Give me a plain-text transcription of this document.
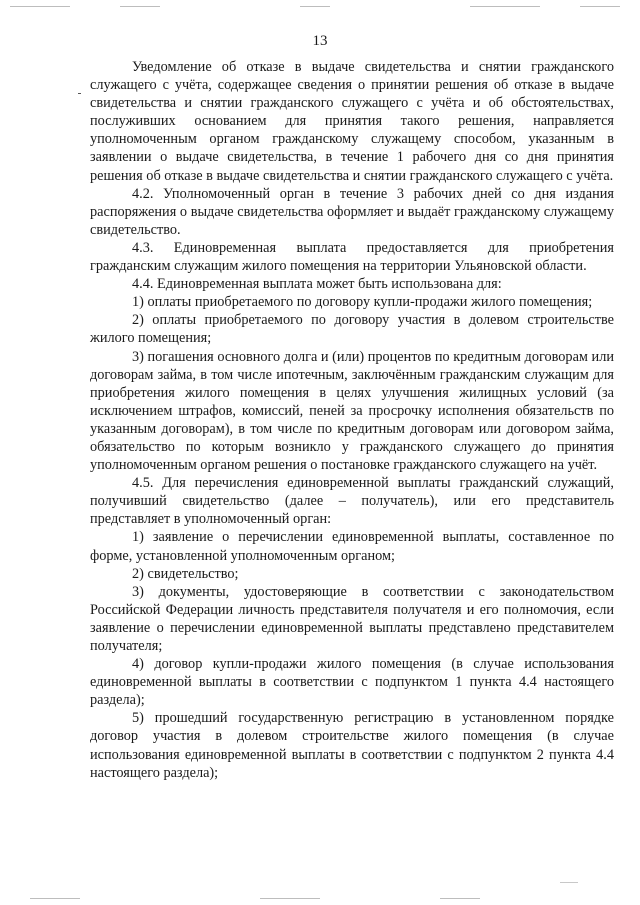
13

Уведомление об отказе в выдаче свидетельства и снятии гражданского служащего с учёта, содержащее сведения о принятии решения об отказе в выдаче свидетельства и снятии гражданского служащего с учёта и об обстоятельствах, послуживших основанием для принятия такого решения, направляется уполномоченным органом гражданскому служащему способом, указанным в заявлении о выдаче свидетельства, в течение 1 рабочего дня со дня принятия решения об отказе в выдаче свидетельства и снятии гражданского служащего с учёта.

4.2. Уполномоченный орган в течение 3 рабочих дней со дня издания распоряжения о выдаче свидетельства оформляет и выдаёт гражданскому служащему свидетельство.

4.3. Единовременная выплата предоставляется для приобретения гражданским служащим жилого помещения на территории Ульяновской области.

4.4. Единовременная выплата может быть использована для:

1) оплаты приобретаемого по договору купли-продажи жилого помещения;

2) оплаты приобретаемого по договору участия в долевом строительстве жилого помещения;

3) погашения основного долга и (или) процентов по кредитным договорам или договорам займа, в том числе ипотечным, заключённым гражданским служащим для приобретения жилого помещения в целях улучшения жилищных условий (за исключением штрафов, комиссий, пеней за просрочку исполнения обязательств по указанным договорам), в том числе по кредитным договорам или договором займа, обязательство по которым возникло у гражданского служащего до принятия уполномоченным органом решения о постановке гражданского служащего на учёт.

4.5. Для перечисления единовременной выплаты гражданский служащий, получивший свидетельство (далее – получатель), или его представитель представляет в уполномоченный орган:

1) заявление о перечислении единовременной выплаты, составленное по форме, установленной уполномоченным органом;

2) свидетельство;

3) документы, удостоверяющие в соответствии с законодательством Российской Федерации личность представителя получателя и его полномочия, если заявление о перечислении единовременной выплаты представлено представителем получателя;

4) договор купли-продажи жилого помещения (в случае использования единовременной выплаты в соответствии с подпунктом 1 пункта 4.4 настоящего раздела);

5) прошедший государственную регистрацию в установленном порядке договор участия в долевом строительстве жилого помещения (в случае использования единовременной выплаты в соответствии с подпунктом 2 пункта 4.4 настоящего раздела);
